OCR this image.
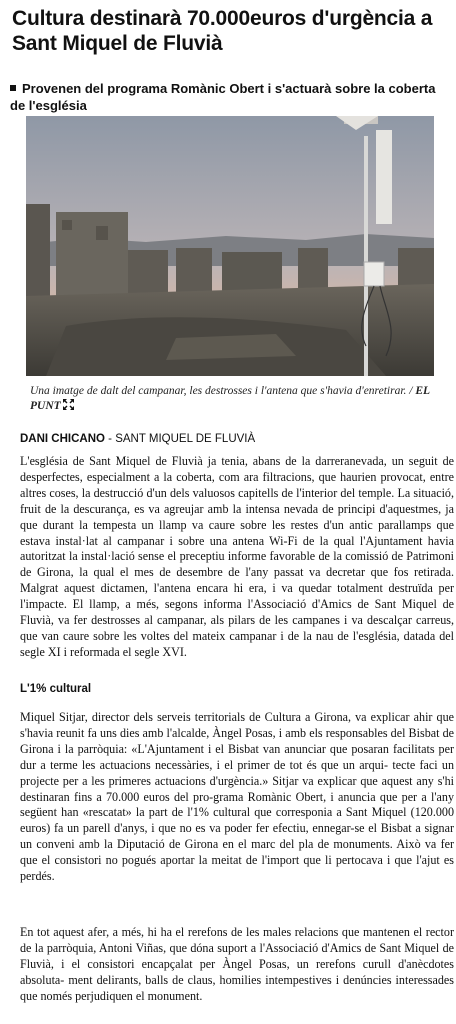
Cultura destinarà 70.000euros d'urgència a Sant Miquel de Fluvià
Provenen del programa Romànic Obert i s'actuarà sobre la coberta de l'església
Una imatge de dalt del campanar, les destrosses i l'antena que s'havia d'enretirar. / EL PUNT
DANI CHICANO - SANT MIQUEL DE FLUVIÀ

L'església de Sant Miquel de Fluvià ja tenia, abans de la darreranevada, un seguit de desperfectes, especialment a la coberta, com ara filtracions, que haurien provocat, entre altres coses, la destrucció d'un dels valuosos capitells de l'interior del temple. La situació, fruit de la descurança, es va agreujar amb la intensa nevada de principi d'aquestmes, ja que durant la tempesta un llamp va caure sobre les restes d'un antic parallamps que estava instal·lat al campanar i sobre una antena Wi-Fi de la qual l'Ajuntament havia autoritzat la instal·lació sense el preceptiu informe favorable de la comissió de Patrimoni de Girona, la qual el mes de desembre de l'any passat va decretar que fos retirada. Malgrat aquest dictamen, l'antena encara hi era, i va quedar totalment destruïda per l'impacte. El llamp, a més, segons informa l'Associació d'Amics de Sant Miquel de Fluvià, va fer destrosses al campanar, als pilars de les campanes i va descalçar carreus, que van caure sobre les voltes del mateix campanar i de la nau de l'església, datada del segle XI i reformada el segle XVI.

L'1% cultural

Miquel Sitjar, director dels serveis territorials de Cultura a Girona, va explicar ahir que s'havia reunit fa uns dies amb l'alcalde, Àngel Posas, i amb els responsables del Bisbat de Girona i la parròquia: «L'Ajuntament i el Bisbat van anunciar que posaran facilitats per dur a terme les actuacions necessàries, i el primer de tot és que un arqui- tecte faci un projecte per a les primeres actuacions d'urgència.» Sitjar va explicar que aquest any s'hi destinaran fins a 70.000 euros del pro-grama Romànic Obert, i anuncia que per a l'any següent han «rescatat» la part de l'1% cultural que corresponia a Sant Miquel (120.000 euros) fa un parell d'anys, i que no es va poder fer efectiu, ennegar-se el Bisbat a signar un conveni amb la Diputació de Girona en el marc del pla de monuments. Això va fer que el consistori no pogués aportar la meitat de l'import que li pertocava i que l'ajut es perdés.

En tot aquest afer, a més, hi ha el rerefons de les males relacions que mantenen el rector de la parròquia, Antoni Viñas, que dóna suport a l'Associació d'Amics de Sant Miquel de Fluvià, i el consistori encapçalat per Àngel Posas, un rerefons curull d'anècdotes absoluta- ment delirants, balls de claus, homilies intempestives i denúncies interessades que només perjudiquen el monument.
